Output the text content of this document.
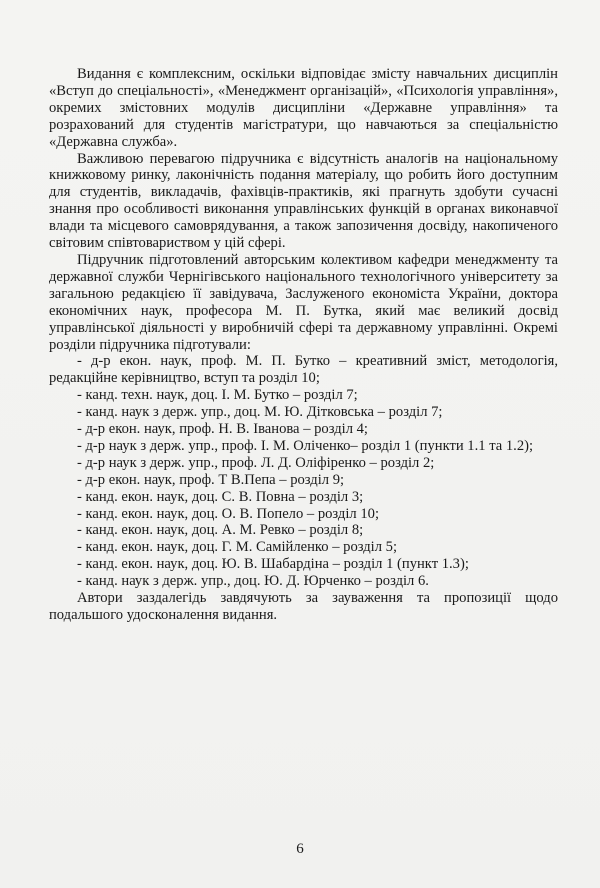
Видання є комплексним, оскільки відповідає змісту навчальних дисциплін «Вступ до спеціальності», «Менеджмент організацій», «Психологія управління», окремих змістовних модулів дисципліни «Державне управління» та розрахований для студентів магістратури, що навчаються за спеціальністю «Державна служба».

Важливою перевагою підручника є відсутність аналогів на національному книжковому ринку, лаконічність подання матеріалу, що робить його доступним для студентів, викладачів, фахівців-практиків, які прагнуть здобути сучасні знання про особливості виконання управлінських функцій в органах виконавчої влади та місцевого самоврядування, а також запозичення досвіду, накопиченого світовим співтовариством у цій сфері.

Підручник підготовлений авторським колективом кафедри менеджменту та державної служби Чернігівського національного технологічного університету за загальною редакцією її завідувача, Заслуженого економіста України, доктора економічних наук, професора М. П. Бутка, який має великий досвід управлінської діяльності у виробничій сфері та державному управлінні. Окремі розділи підручника підготували:

- д-р екон. наук, проф. М. П. Бутко – креативний зміст, методологія, редакційне керівництво, вступ та розділ 10;
- канд. техн. наук, доц. І. М. Бутко – розділ 7;
- канд. наук з держ. упр., доц. М. Ю. Дітковська – розділ 7;
- д-р екон. наук, проф. Н. В. Іванова – розділ 4;
- д-р наук з держ. упр., проф. І. М. Оліченко– розділ 1 (пункти 1.1 та 1.2);
- д-р наук з держ. упр., проф. Л. Д. Оліфіренко – розділ 2;
- д-р екон. наук, проф. Т В.Пепа – розділ 9;
- канд. екон. наук, доц. С. В. Повна – розділ 3;
- канд. екон. наук, доц. О. В. Попело – розділ 10;
- канд. екон. наук, доц. А. М. Ревко – розділ 8;
- канд. екон. наук, доц. Г. М. Самійленко – розділ 5;
- канд. екон. наук, доц. Ю. В. Шабардіна – розділ 1 (пункт 1.3);
- канд. наук з держ. упр., доц. Ю. Д. Юрченко – розділ 6.

Автори заздалегідь завдячують за зауваження та пропозиції щодо подальшого удосконалення видання.

6
